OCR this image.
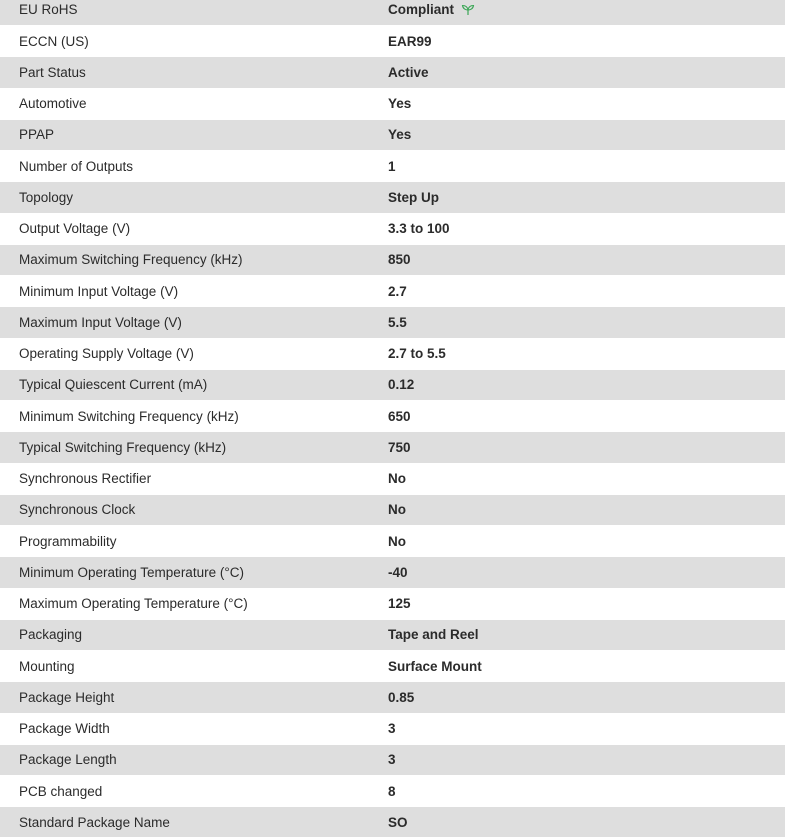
EU RoHS	Compliant
ECCN (US)	EAR99
Part Status	Active
Automotive	Yes
PPAP	Yes
Number of Outputs	1
Topology	Step Up
Output Voltage (V)	3.3 to 100
Maximum Switching Frequency (kHz)	850
Minimum Input Voltage (V)	2.7
Maximum Input Voltage (V)	5.5
Operating Supply Voltage (V)	2.7 to 5.5
Typical Quiescent Current (mA)	0.12
Minimum Switching Frequency (kHz)	650
Typical Switching Frequency (kHz)	750
Synchronous Rectifier	No
Synchronous Clock	No
Programmability	No
Minimum Operating Temperature (°C)	-40
Maximum Operating Temperature (°C)	125
Packaging	Tape and Reel
Mounting	Surface Mount
Package Height	0.85
Package Width	3
Package Length	3
PCB changed	8
Standard Package Name	SO
